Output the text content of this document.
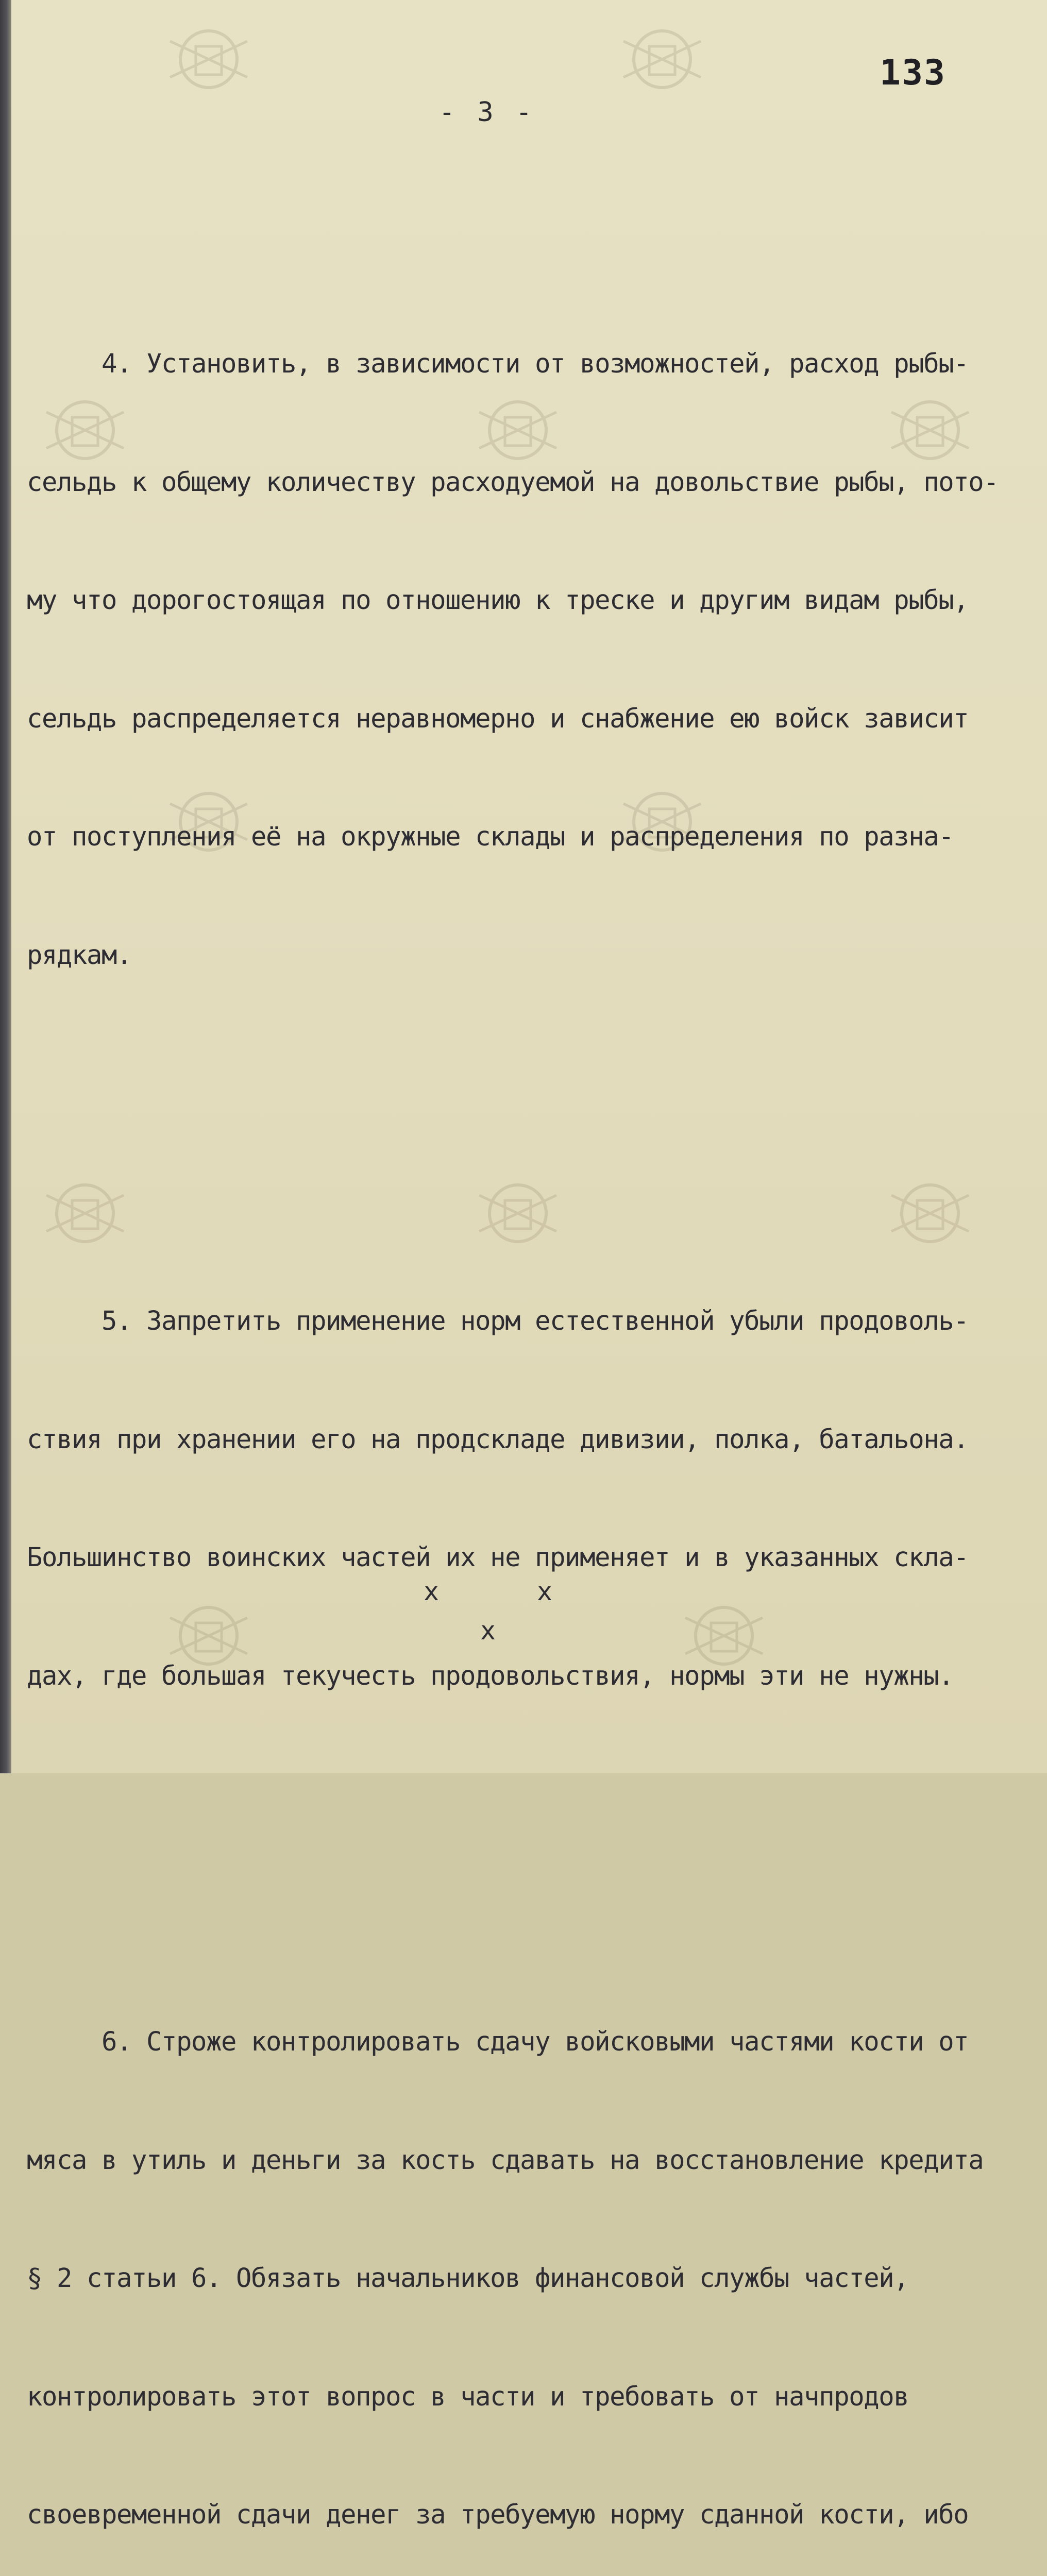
133
- 3 -

4. Установить, в зависимости от возможностей, расход рыбы-

сельдь к общему количеству расходуемой на довольствие рыбы, пото-

му что дорогостоящая по отношению к треске и другим видам рыбы,

сельдь распределяется неравномерно и снабжение ею войск зависит

от поступления её на окружные склады и распределения по разна-

рядкам.

5. Запретить применение норм естественной убыли продоволь-

ствия при хранении его на продскладе дивизии, полка, батальона.

Большинство воинских частей их не применяет и в указанных скла-

дах, где большая текучесть продовольствия, нормы эти не нужны.

6. Строже контролировать сдачу войсковыми частями кости от

мяса в утиль и деньги за кость сдавать на восстановление кредита

§ 2 статьи 6. Обязать начальников финансовой службы частей,

контролировать этот вопрос в части и требовать от начпродов

своевременной сдачи денег за требуемую норму сданной кости, ибо

x	x
x
